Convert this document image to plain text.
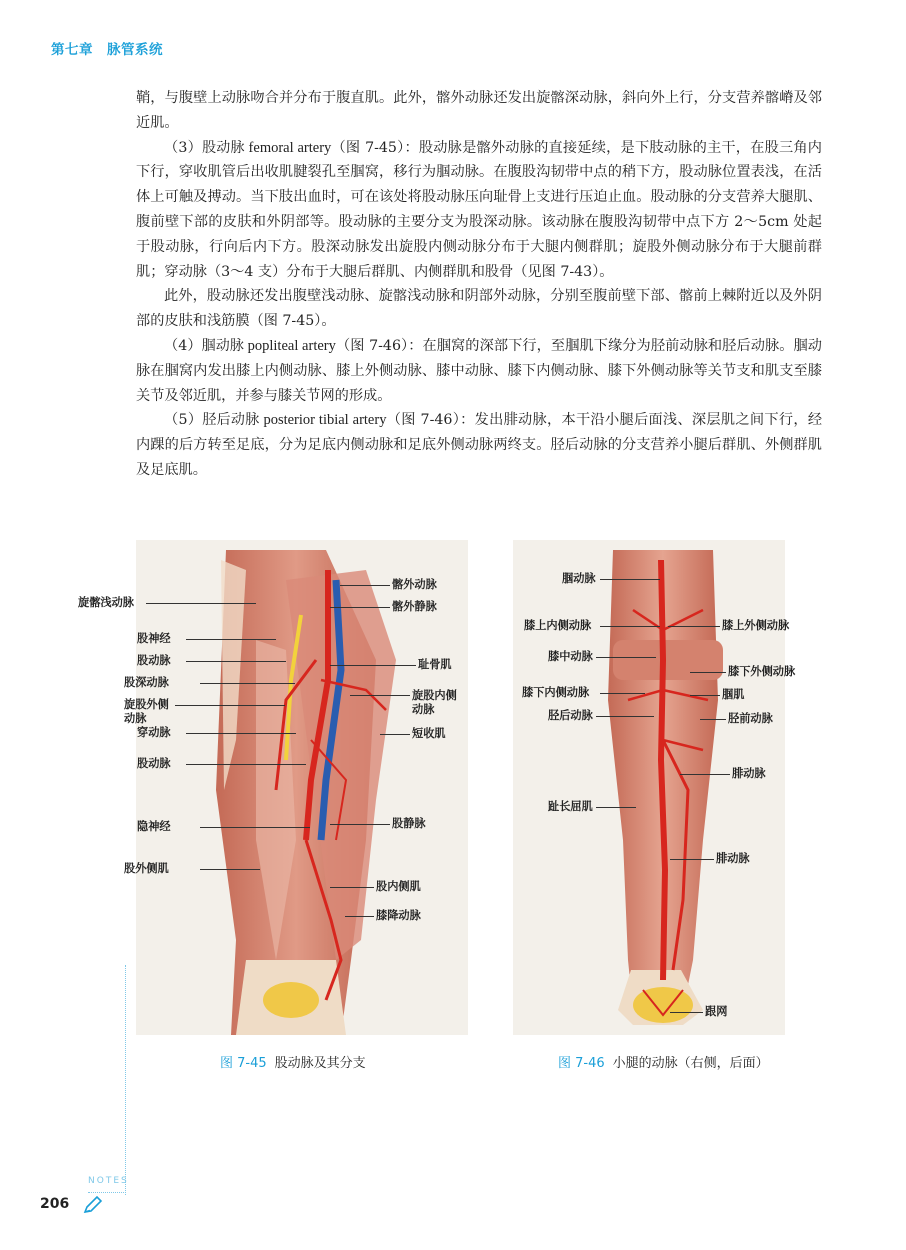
第七章　脉管系统

鞘，与腹壁上动脉吻合并分布于腹直肌。此外，髂外动脉还发出旋髂深动脉，斜向外上行，分支营养髂嵴及邻近肌。

（3）股动脉 femoral artery（图 7-45）：股动脉是髂外动脉的直接延续，是下肢动脉的主干，在股三角内下行，穿收肌管后出收肌腱裂孔至腘窝，移行为腘动脉。在腹股沟韧带中点的稍下方，股动脉位置表浅，在活体上可触及搏动。当下肢出血时，可在该处将股动脉压向耻骨上支进行压迫止血。股动脉的分支营养大腿肌、腹前壁下部的皮肤和外阴部等。股动脉的主要分支为股深动脉。该动脉在腹股沟韧带中点下方 2～5cm 处起于股动脉，行向后内下方。股深动脉发出旋股内侧动脉分布于大腿内侧群肌；旋股外侧动脉分布于大腿前群肌；穿动脉（3～4 支）分布于大腿后群肌、内侧群肌和股骨（见图 7-43）。

此外，股动脉还发出腹壁浅动脉、旋髂浅动脉和阴部外动脉，分别至腹前壁下部、髂前上棘附近以及外阴部的皮肤和浅筋膜（图 7-45）。

（4）腘动脉 popliteal artery（图 7-46）：在腘窝的深部下行，至腘肌下缘分为胫前动脉和胫后动脉。腘动脉在腘窝内发出膝上内侧动脉、膝上外侧动脉、膝中动脉、膝下内侧动脉、膝下外侧动脉等关节支和肌支至膝关节及邻近肌，并参与膝关节网的形成。

（5）胫后动脉 posterior tibial artery（图 7-46）：发出腓动脉，本干沿小腿后面浅、深层肌之间下行，经内踝的后方转至足底，分为足底内侧动脉和足底外侧动脉两终支。胫后动脉的分支营养小腿后群肌、外侧群肌及足底肌。

旋髂浅动脉
股神经
股动脉
股深动脉
旋股外侧动脉
穿动脉
股动脉
隐神经
股外侧肌
髂外动脉
髂外静脉
耻骨肌
旋股内侧动脉
短收肌
股静脉
股内侧肌
膝降动脉
图 7-45 股动脉及其分支
腘动脉
膝上内侧动脉
膝中动脉
膝下内侧动脉
胫后动脉
趾长屈肌
膝上外侧动脉
膝下外侧动脉
腘肌
胫前动脉
腓动脉
腓动脉
跟网
图 7-46 小腿的动脉（右侧，后面）
NOTES
206
